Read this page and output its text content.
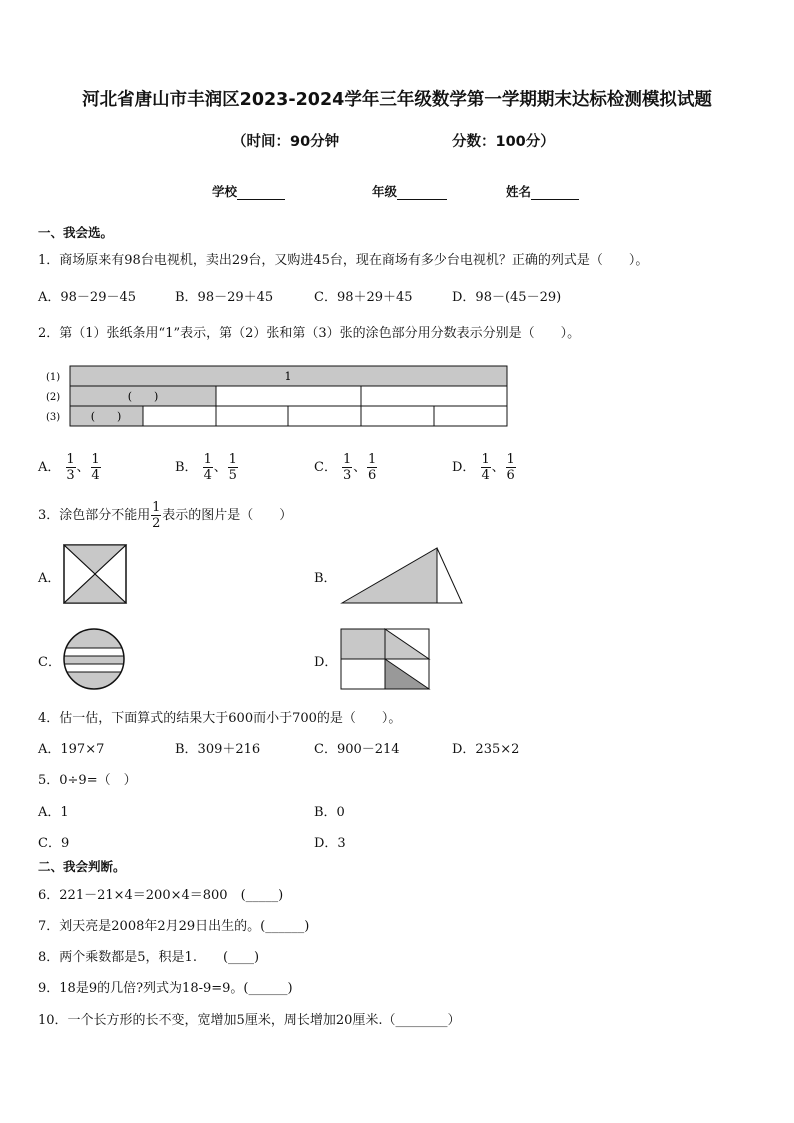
河北省唐山市丰润区2023-2024学年三年级数学第一学期期末达标检测模拟试题
（时间：90分钟	分数：100分）
学校	年级	姓名
一、我会选。
1．商场原来有98台电视机，卖出29台，又购进45台，现在商场有多少台电视机？正确的列式是（　　）。
A．98－29－45	B．98－29＋45	C．98＋29＋45	D．98－(45－29)
2．第（1）张纸条用“1”表示，第（2）张和第（3）张的涂色部分用分数表示分别是（　　）。
(1)
(2)
(3)
1
(　　)
(　　)
A． $\frac{1}{3}$ 、 $\frac{1}{4}$	B． $\frac{1}{4}$ 、 $\frac{1}{5}$	C． $\frac{1}{3}$ 、 $\frac{1}{6}$	D． $\frac{1}{4}$ 、 $\frac{1}{6}$
3．涂色部分不能用 $\frac{1}{2}$ 表示的图片是（　　）
A．	B．
C．	D．
4．估一估，下面算式的结果大于600而小于700的是（　　）。
A．197×7	B．309＋216	C．900－214	D．235×2
5．0÷9=（　）
A．1	B．0
C．9	D．3
二、我会判断。
6．221－21×4＝200×4＝800　(_____)
7．刘天亮是2008年2月29日出生的。(______)
8．两个乘数都是5，积是1.　　(____)
9．18是9的几倍?列式为18-9=9。(______)
10．一个长方形的长不变，宽增加5厘米，周长增加20厘米.（________）
